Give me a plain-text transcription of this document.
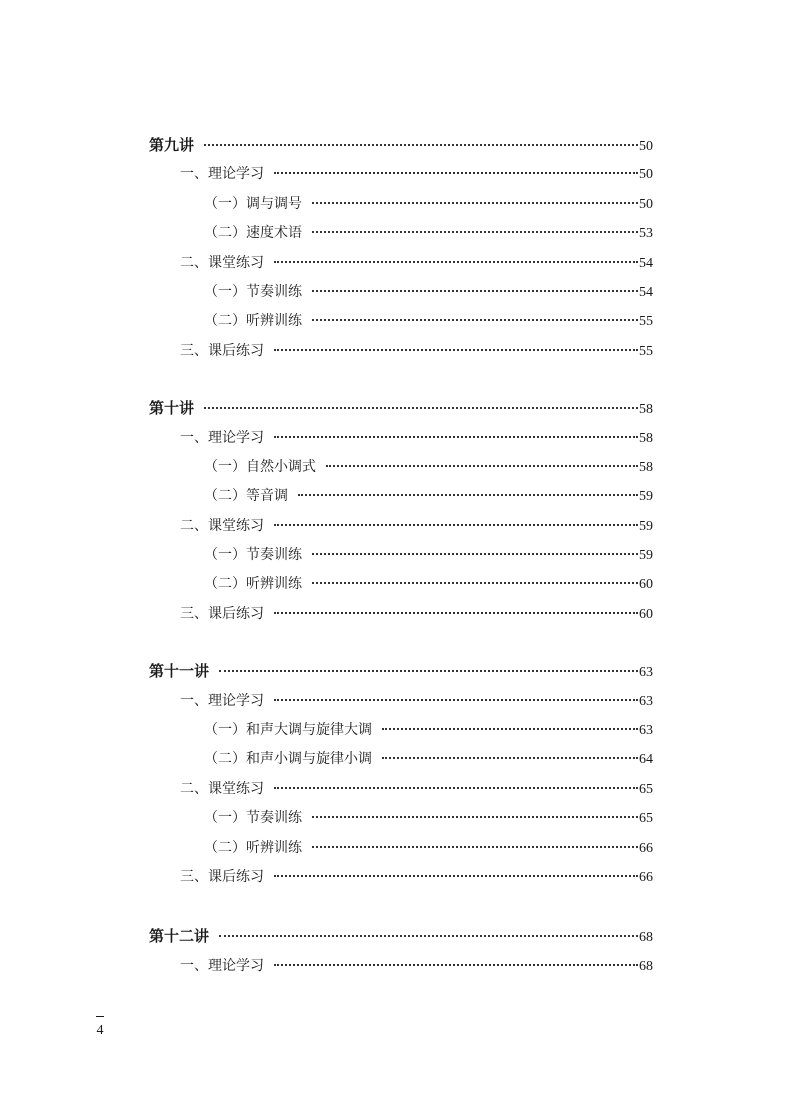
第九讲	50
一、理论学习	50
（一）调与调号	50
（二）速度术语	53
二、课堂练习	54
（一）节奏训练	54
（二）听辨训练	55
三、课后练习	55
第十讲	58
一、理论学习	58
（一）自然小调式	58
（二）等音调	59
二、课堂练习	59
（一）节奏训练	59
（二）听辨训练	60
三、课后练习	60
第十一讲	63
一、理论学习	63
（一）和声大调与旋律大调	63
（二）和声小调与旋律小调	64
二、课堂练习	65
（一）节奏训练	65
（二）听辨训练	66
三、课后练习	66
第十二讲	68
一、理论学习	68
4
